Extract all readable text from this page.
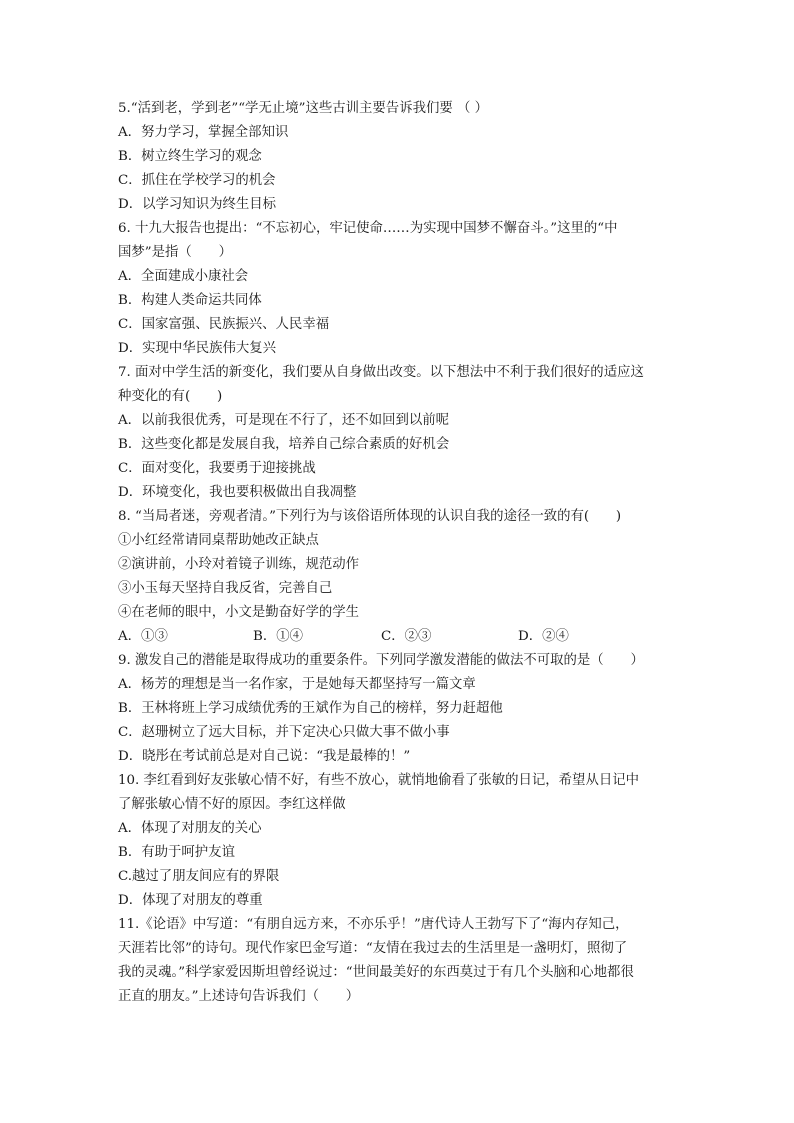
5.“活到老，学到老”“学无止境”这些古训主要告诉我们要 （ ）
A．努力学习，掌握全部知识
B．树立终生学习的观念
C．抓住在学校学习的机会
D．以学习知识为终生目标
6. 十九大报告也提出：“不忘初心，牢记使命……为实现中国梦不懈奋斗。”这里的“中
国梦”是指（　　）
A．全面建成小康社会
B．构建人类命运共同体
C．国家富强、民族振兴、人民幸福
D．实现中华民族伟大复兴
7. 面对中学生活的新变化，我们要从自身做出改变。以下想法中不利于我们很好的适应这
种变化的有(　　)
A．以前我很优秀，可是现在不行了，还不如回到以前呢
B．这些变化都是发展自我，培养自己综合素质的好机会
C．面对变化，我要勇于迎接挑战
D．环境变化，我也要积极做出自我凋整
8. “当局者迷，旁观者清。”下列行为与该俗语所体现的认识自我的途径一致的有(　　)
①小红经常请同桌帮助她改正缺点
②演讲前，小玲对着镜子训练，规范动作
③小玉每天坚持自我反省，完善自己
④在老师的眼中，小文是勤奋好学的学生
A．①③	B．①④	C．②③	D．②④
9. 激发自己的潜能是取得成功的重要条件。下列同学激发潜能的做法不可取的是（　　）
A．杨芳的理想是当一名作家，于是她每天都坚持写一篇文章
B．王林将班上学习成绩优秀的王斌作为自己的榜样，努力赶超他
C．赵珊树立了远大目标，并下定决心只做大事不做小事
D．晓彤在考试前总是对自己说：“我是最棒的！”
10. 李红看到好友张敏心情不好，有些不放心，就悄地偷看了张敏的日记，希望从日记中
了解张敏心情不好的原因。李红这样做
A．体现了对朋友的关心
B．有助于呵护友谊
C.越过了朋友间应有的界限
D．体现了对朋友的尊重
11.《论语》中写道：“有朋自远方来，不亦乐乎！”唐代诗人王勃写下了“海内存知己，
天涯若比邻”的诗句。现代作家巴金写道：“友情在我过去的生活里是一盏明灯，照彻了
我的灵魂。”科学家爱因斯坦曾经说过：“世间最美好的东西莫过于有几个头脑和心地都很
正直的朋友。”上述诗句告诉我们（　　）
